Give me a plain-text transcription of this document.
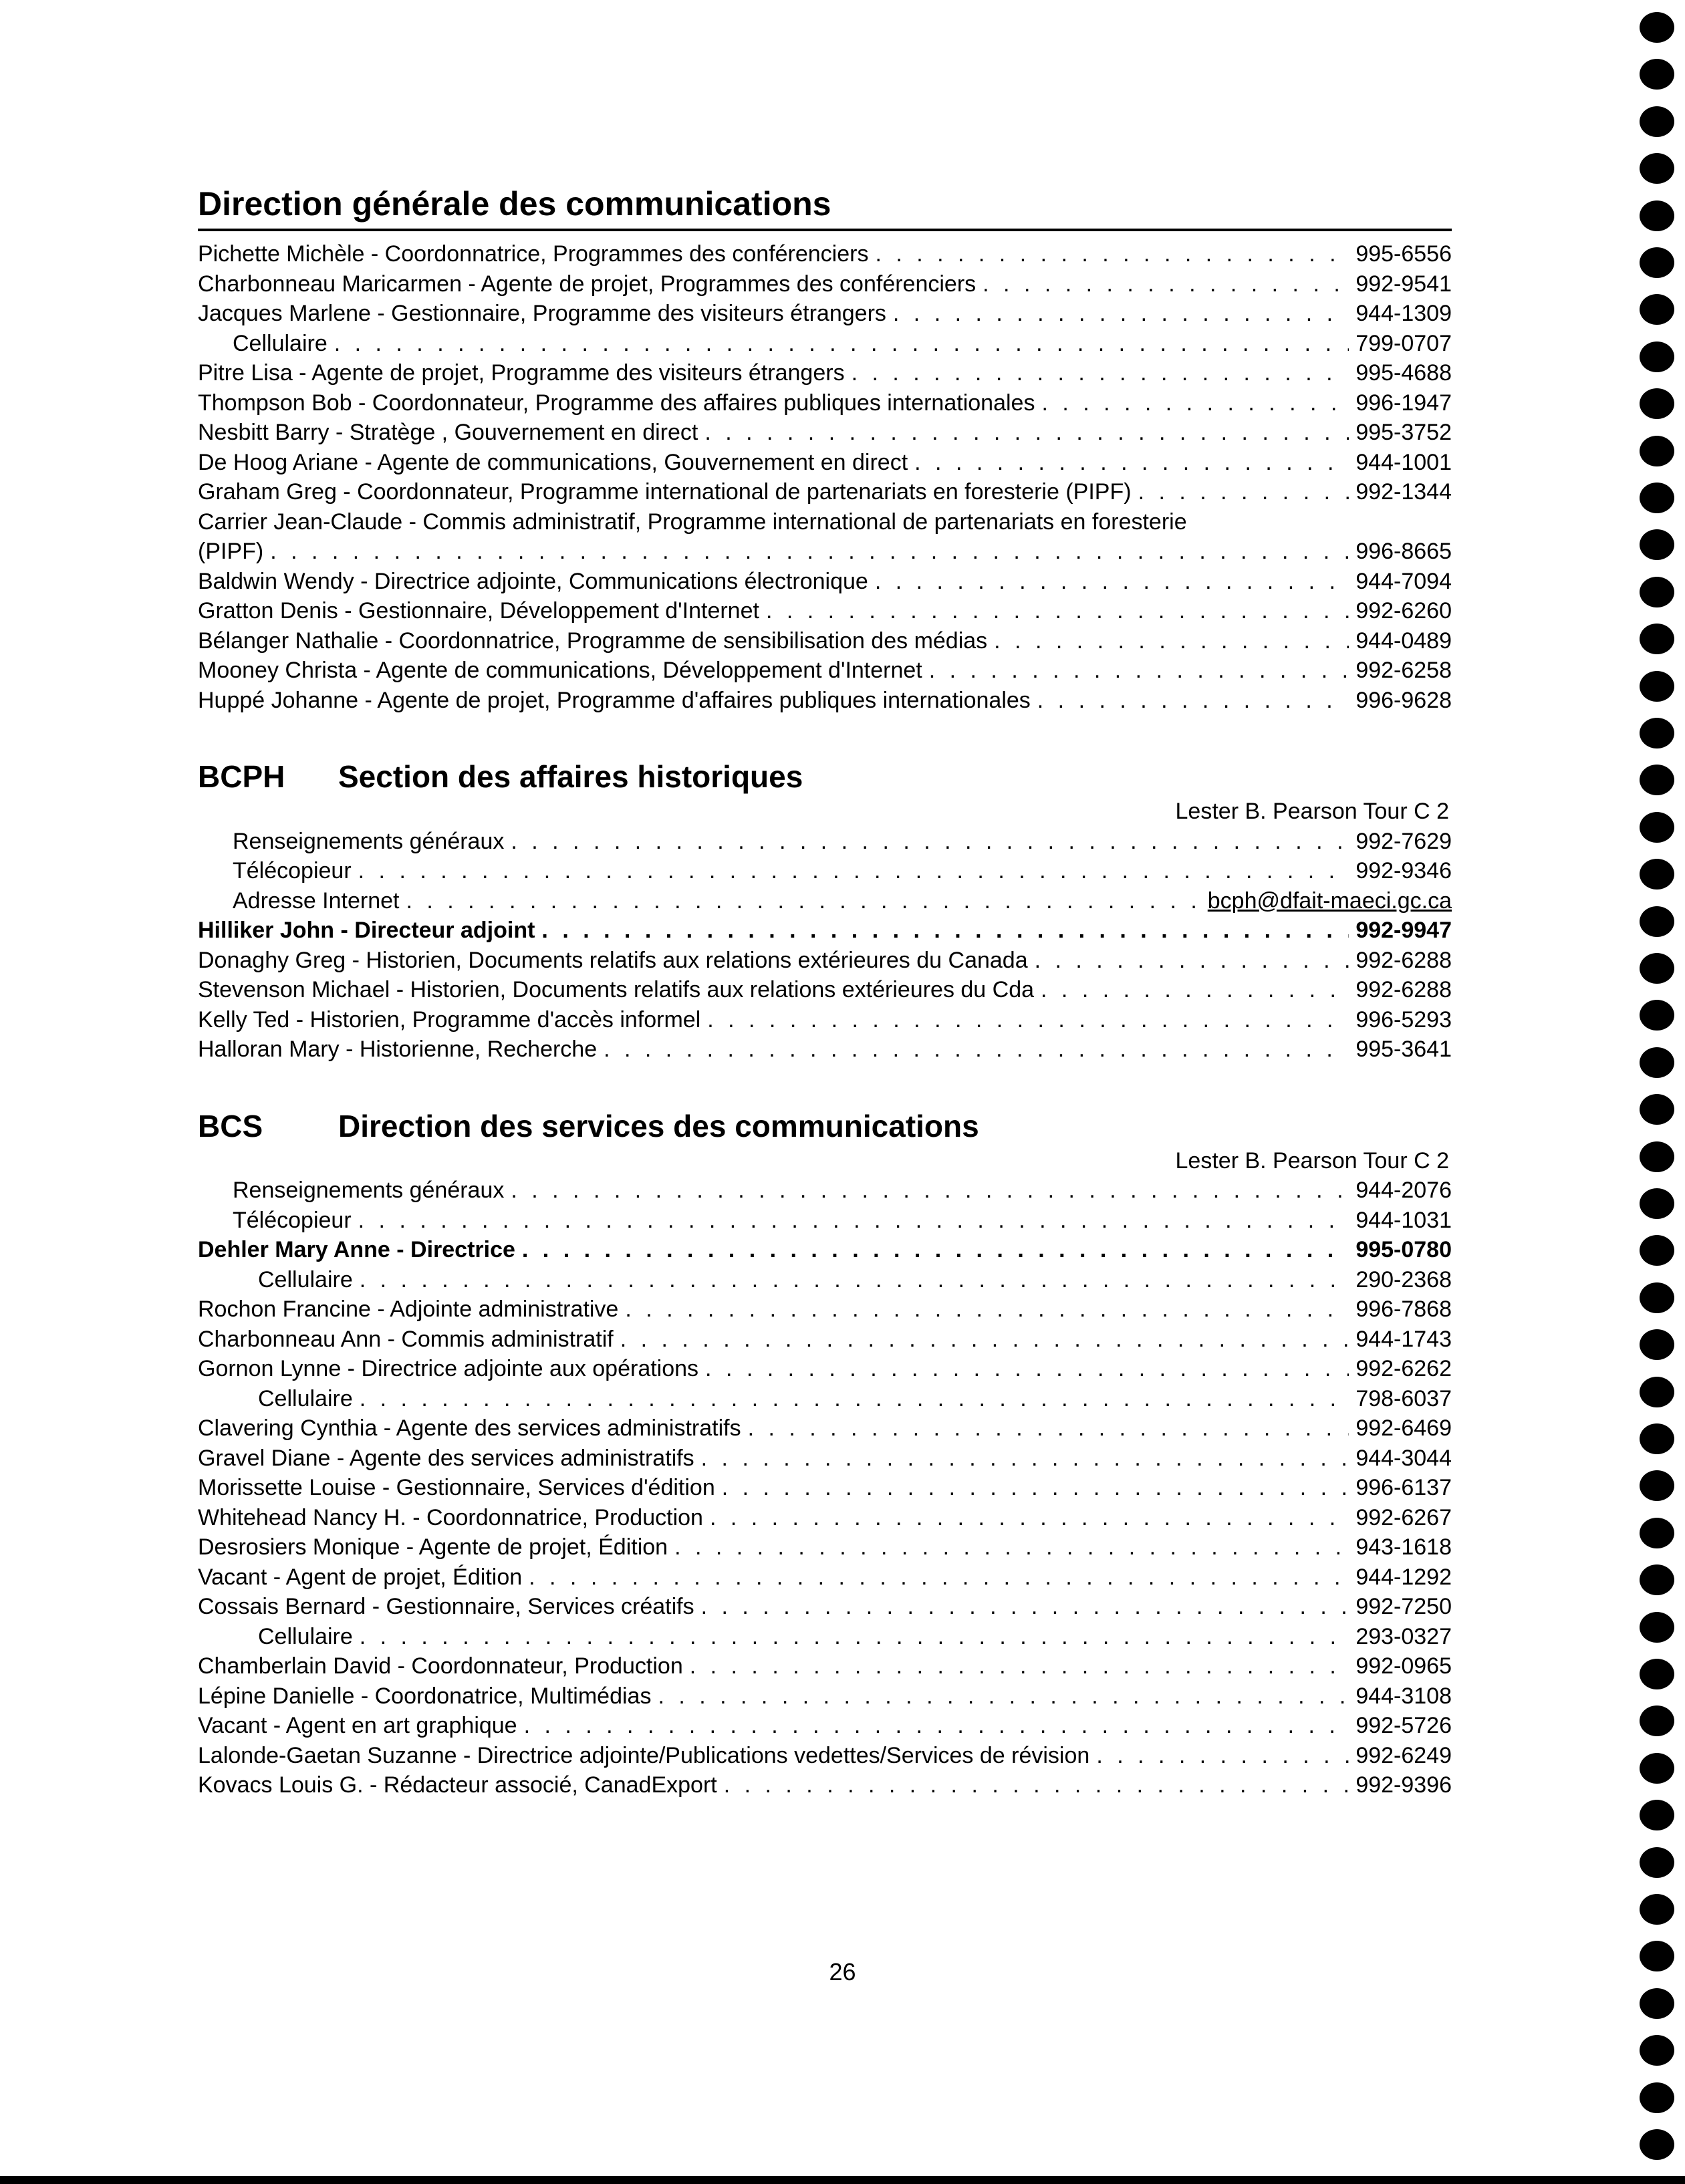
Direction générale des communications
Pichette Michèle - Coordonnatrice, Programmes des conférenciers . . .	995-6556
Charbonneau Maricarmen - Agente de projet, Programmes des conférenciers . . .	992-9541
Jacques Marlene - Gestionnaire, Programme des visiteurs étrangers . . .	944-1309
Cellulaire . . .	799-0707
Pitre Lisa - Agente de projet, Programme des visiteurs étrangers . . .	995-4688
Thompson Bob - Coordonnateur, Programme des affaires publiques internationales . . .	996-1947
Nesbitt Barry - Stratège , Gouvernement en direct . . .	995-3752
De Hoog Ariane - Agente de communications, Gouvernement en direct . . .	944-1001
Graham Greg - Coordonnateur, Programme international de partenariats en foresterie (PIPF) . . .	992-1344
Carrier Jean-Claude - Commis administratif, Programme international de partenariats en foresterie
(PIPF) . . .	996-8665
Baldwin Wendy - Directrice adjointe, Communications électronique . . .	944-7094
Gratton Denis - Gestionnaire, Développement d'Internet . . .	992-6260
Bélanger Nathalie - Coordonnatrice, Programme de sensibilisation des médias . . .	944-0489
Mooney Christa - Agente de communications, Développement d'Internet . . .	992-6258
Huppé Johanne - Agente de projet, Programme d'affaires publiques internationales . . .	996-9628
BCPH	Section des affaires historiques
Lester B. Pearson Tour C 2
Renseignements généraux . . .	992-7629
Télécopieur . . .	992-9346
Adresse Internet . . .	bcph@dfait-maeci.gc.ca
Hilliker John - Directeur adjoint . . .	992-9947
Donaghy Greg - Historien, Documents relatifs aux relations extérieures du Canada . . .	992-6288
Stevenson Michael - Historien, Documents relatifs aux relations extérieures du Cda . . .	992-6288
Kelly Ted - Historien, Programme d'accès informel . . .	996-5293
Halloran Mary - Historienne, Recherche . . .	995-3641
BCS	Direction des services des communications
Lester B. Pearson Tour C 2
Renseignements généraux . . .	944-2076
Télécopieur . . .	944-1031
Dehler Mary Anne - Directrice . . .	995-0780
Cellulaire . . .	290-2368
Rochon Francine - Adjointe administrative . . .	996-7868
Charbonneau Ann - Commis administratif . . .	944-1743
Gornon Lynne - Directrice adjointe aux opérations . . .	992-6262
Cellulaire . . .	798-6037
Clavering Cynthia - Agente des services administratifs . . .	992-6469
Gravel Diane - Agente des services administratifs . . .	944-3044
Morissette Louise - Gestionnaire, Services d'édition . . .	996-6137
Whitehead Nancy H. - Coordonnatrice, Production . . .	992-6267
Desrosiers Monique - Agente de projet, Édition . . .	943-1618
Vacant - Agent de projet, Édition . . .	944-1292
Cossais Bernard - Gestionnaire, Services créatifs . . .	992-7250
Cellulaire . . .	293-0327
Chamberlain David - Coordonnateur, Production . . .	992-0965
Lépine Danielle - Coordonatrice, Multimédias . . .	944-3108
Vacant - Agent en art graphique . . .	992-5726
Lalonde-Gaetan Suzanne - Directrice adjointe/Publications vedettes/Services de révision . . .	992-6249
Kovacs Louis G. - Rédacteur associé, CanadExport . . .	992-9396
26
